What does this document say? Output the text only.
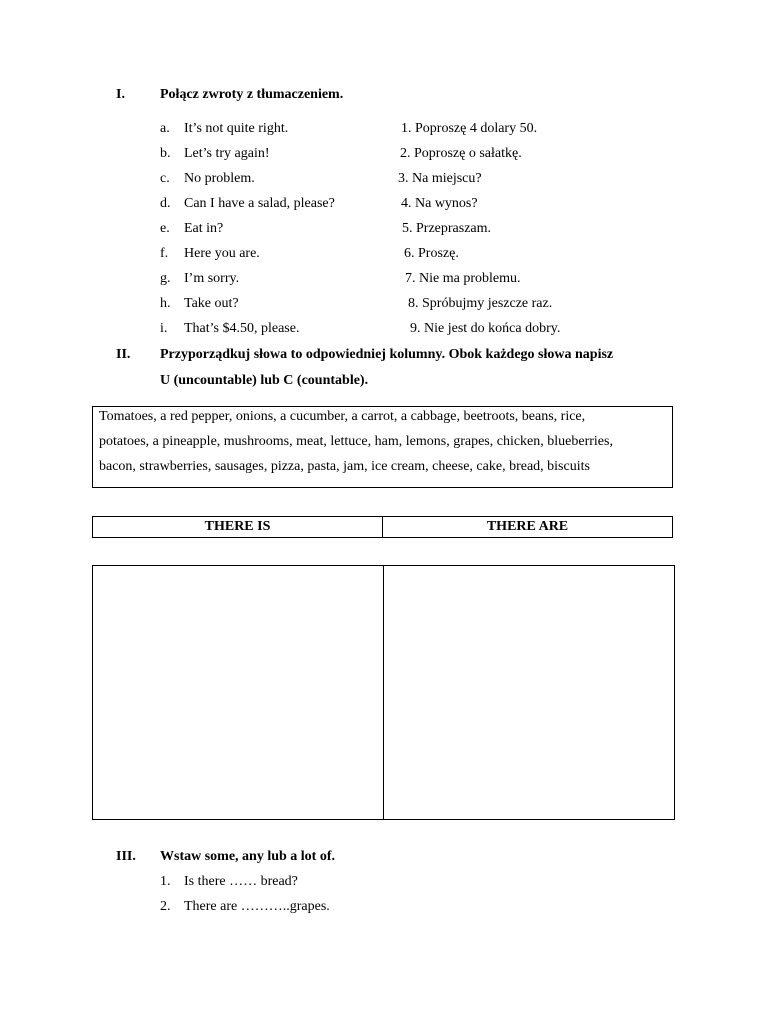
I.	Połącz zwroty z tłumaczeniem.
a. It’s not quite right.
b. Let’s try again!
c. No problem.
d. Can I have a salad, please?
e. Eat in?
f. Here you are.
g. I’m sorry.
h. Take out?
i. That’s $4.50, please.
1. Poproszę 4 dolary 50.
2. Poproszę o sałatkę.
3. Na miejscu?
4. Na wynos?
5. Przepraszam.
6. Proszę.
7. Nie ma problemu.
8. Spróbujmy jeszcze raz.
9. Nie jest do końca dobry.
II. Przyporządkuj słowa to odpowiedniej kolumny. Obok każdego słowa napisz
U (uncountable) lub C (countable).

Tomatoes, a red pepper, onions, a cucumber, a carrot, a cabbage, beetroots, beans, rice,

potatoes, a pineapple, mushrooms, meat, lettuce, ham, lemons, grapes, chicken, blueberries,

bacon, strawberries, sausages, pizza, pasta, jam, ice cream, cheese, cake, bread, biscuits

THERE IS	THERE ARE
III. Wstaw some, any lub a lot of.
1. Is there …… bread?
2. There are ………..grapes.
